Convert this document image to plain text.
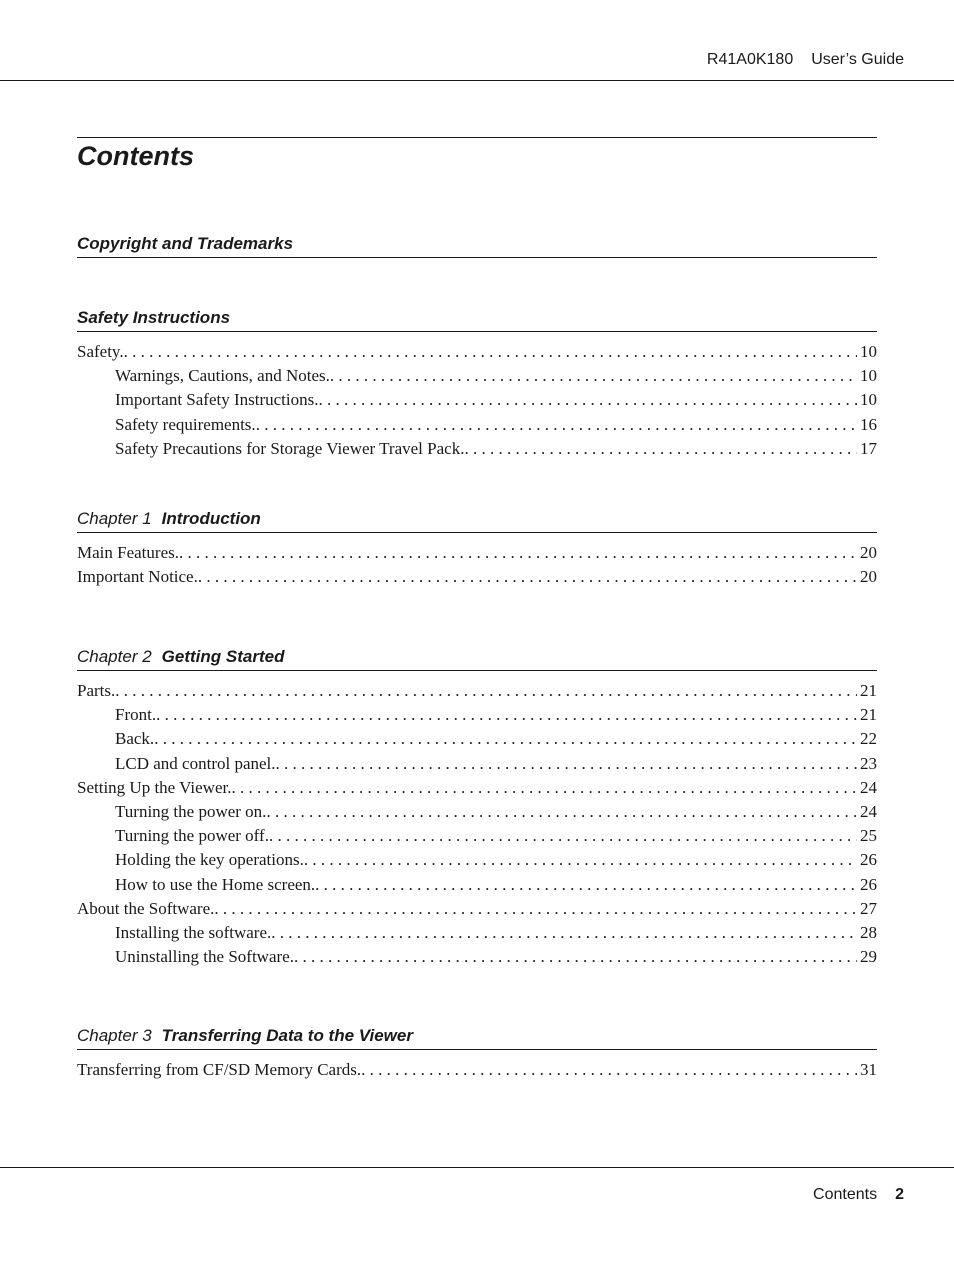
R41A0K180 User’s Guide
Contents
Copyright and Trademarks
Safety Instructions
Safety. . . .	10
Warnings, Cautions, and Notes. . . .	10
Important Safety Instructions. . . .	10
Safety requirements. . . .	16
Safety Precautions for Storage Viewer Travel Pack. . . .	17
Chapter 1 Introduction
Main Features. . . .	20
Important Notice. . . .	20
Chapter 2 Getting Started
Parts. . . .	21
Front. . . .	21
Back. . . .	22
LCD and control panel. . . .	23
Setting Up the Viewer. . . .	24
Turning the power on. . . .	24
Turning the power off. . . .	25
Holding the key operations. . . .	26
How to use the Home screen. . . .	26
About the Software. . . .	27
Installing the software. . . .	28
Uninstalling the Software. . . .	29
Chapter 3 Transferring Data to the Viewer
Transferring from CF/SD Memory Cards. . . .	31
Contents 2
